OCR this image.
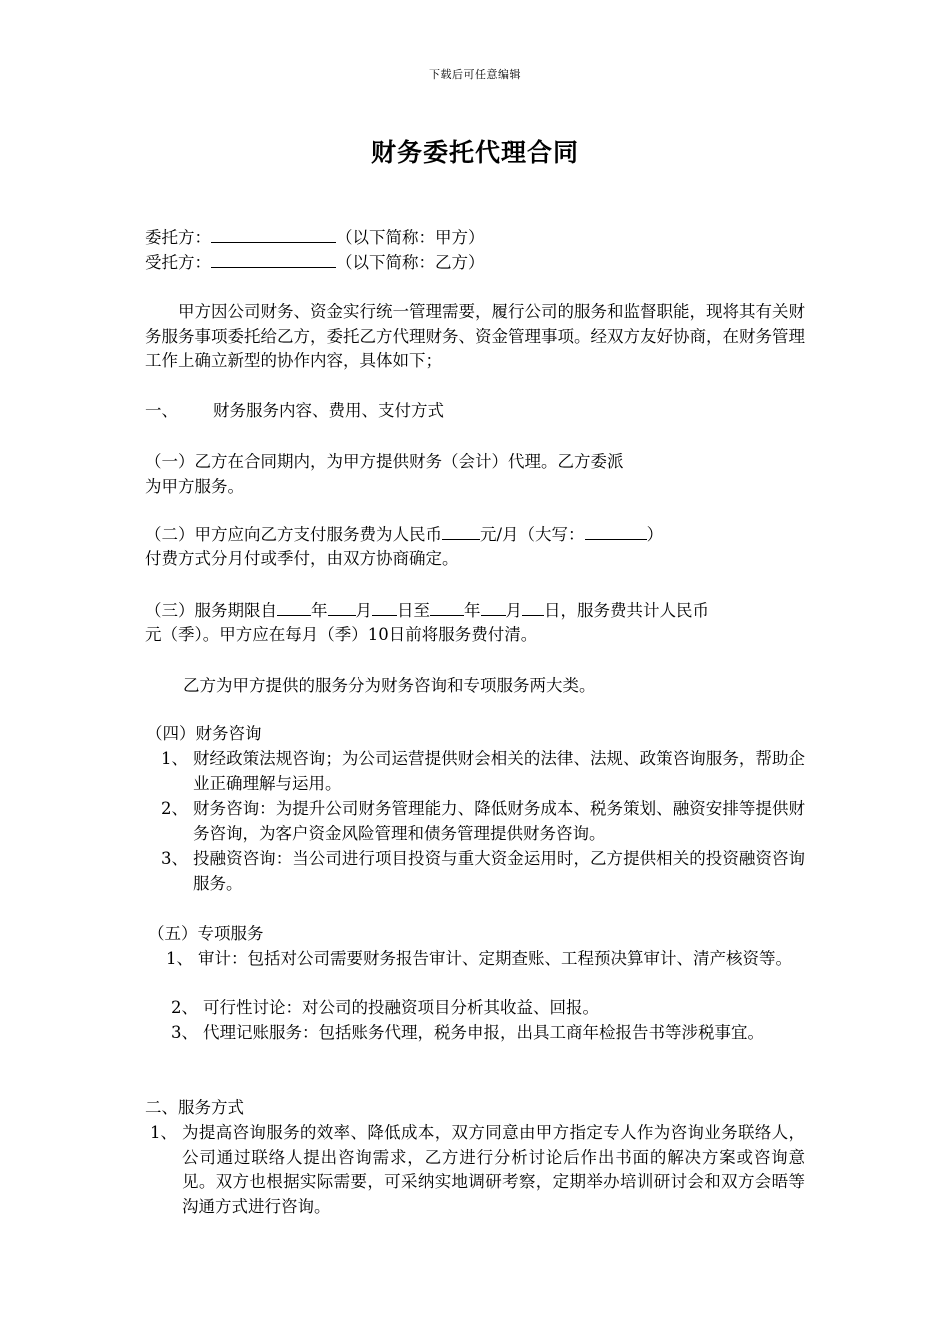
下载后可任意编辑
财务委托代理合同
委托方：	（以下简称：甲方）
受托方：	（以下简称：乙方）
甲方因公司财务、资金实行统一管理需要，履行公司的服务和监督职能，现将其有关财务服务事项委托给乙方，委托乙方代理财务、资金管理事项。经双方友好协商，在财务管理工作上确立新型的协作内容，具体如下；
一、 财务服务内容、费用、支付方式
（一）乙方在合同期内，为甲方提供财务（会计）代理。乙方委派
为甲方服务。
（二）甲方应向乙方支付服务费为人民币 元/月（大写：	）
付费方式分月付或季付，由双方协商确定。
（三）服务期限自 年 月 日至 年 月 日，服务费共计人民币
元（季）。甲方应在每月（季）10日前将服务费付清。
乙方为甲方提供的服务分为财务咨询和专项服务两大类。
（四）财务咨询
1、 财经政策法规咨询；为公司运营提供财会相关的法律、法规、政策咨询服务，帮助企业正确理解与运用。
2、 财务咨询：为提升公司财务管理能力、降低财务成本、税务策划、融资安排等提供财务咨询，为客户资金风险管理和债务管理提供财务咨询。
3、 投融资咨询：当公司进行项目投资与重大资金运用时，乙方提供相关的投资融资咨询服务。
（五）专项服务
1、 审计：包括对公司需要财务报告审计、定期查账、工程预决算审计、清产核资等。
2、 可行性讨论：对公司的投融资项目分析其收益、回报。
3、 代理记账服务：包括账务代理，税务申报，出具工商年检报告书等涉税事宜。
二、服务方式
1、 为提高咨询服务的效率、降低成本，双方同意由甲方指定专人作为咨询业务联络人，公司通过联络人提出咨询需求，乙方进行分析讨论后作出书面的解决方案或咨询意见。双方也根据实际需要，可采纳实地调研考察，定期举办培训研讨会和双方会晤等沟通方式进行咨询。
